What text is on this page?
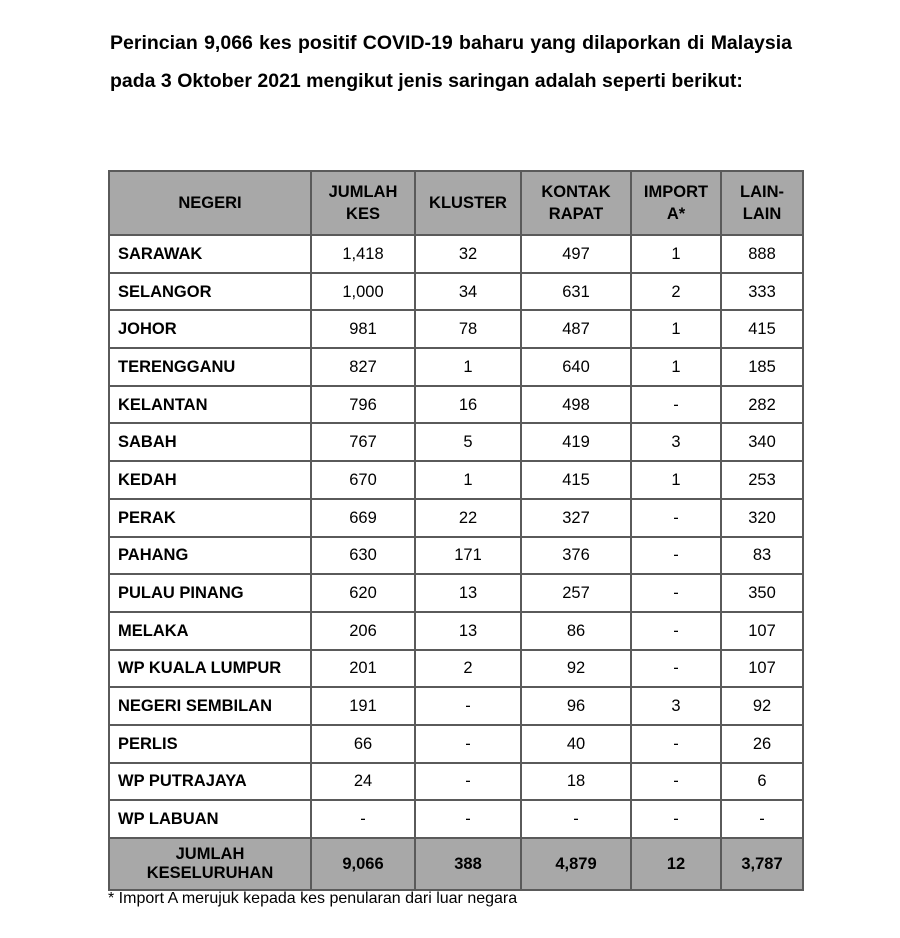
Perincian 9,066 kes positif COVID-19 baharu yang dilaporkan di Malaysia pada 3 Oktober 2021 mengikut jenis saringan adalah seperti berikut:
NEGERI	JUMLAH KES	KLUSTER	KONTAK RAPAT	IMPORT A*	LAIN-LAIN
SARAWAK	1,418	32	497	1	888
SELANGOR	1,000	34	631	2	333
JOHOR	981	78	487	1	415
TERENGGANU	827	1	640	1	185
KELANTAN	796	16	498	-	282
SABAH	767	5	419	3	340
KEDAH	670	1	415	1	253
PERAK	669	22	327	-	320
PAHANG	630	171	376	-	83
PULAU PINANG	620	13	257	-	350
MELAKA	206	13	86	-	107
WP KUALA LUMPUR	201	2	92	-	107
NEGERI SEMBILAN	191	-	96	3	92
PERLIS	66	-	40	-	26
WP PUTRAJAYA	24	-	18	-	6
WP LABUAN	-	-	-	-	-
JUMLAH KESELURUHAN	9,066	388	4,879	12	3,787
* Import A merujuk kepada kes penularan dari luar negara
